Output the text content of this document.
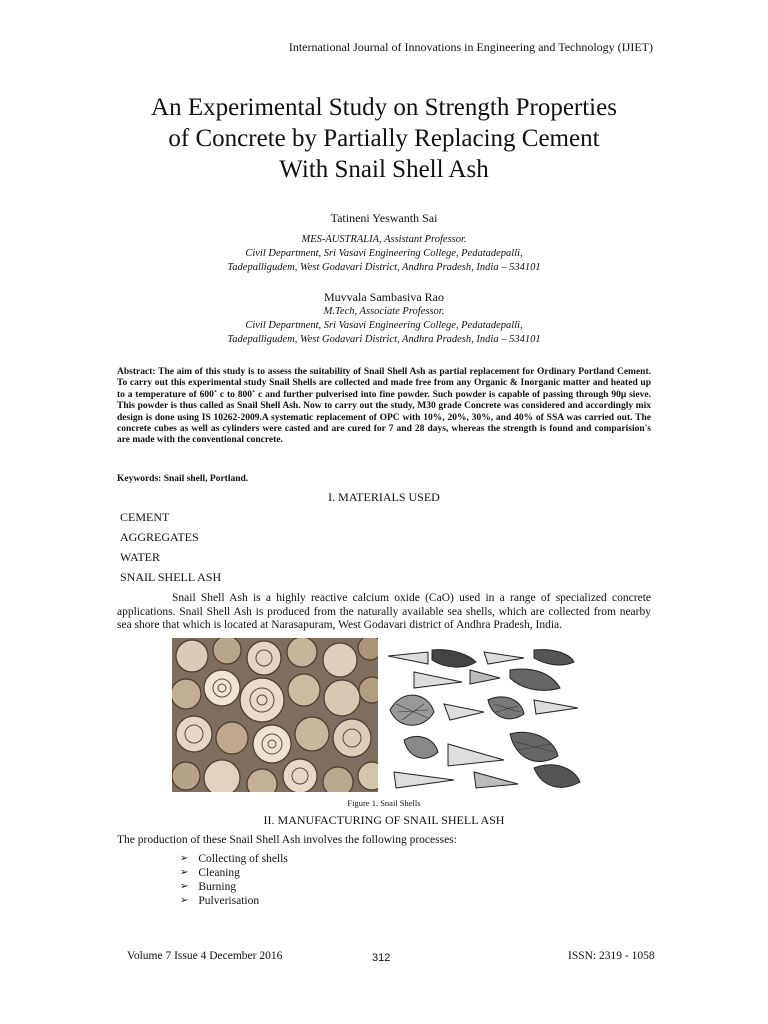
International Journal of Innovations in Engineering and Technology (IJIET)
An Experimental Study on Strength Properties
of Concrete by Partially Replacing Cement
With Snail Shell Ash
Tatineni Yeswanth Sai
MES-AUSTRALIA, Assistant Professor.
Civil Department, Sri Vasavi Engineering College, Pedatadepalli,
Tadepalligudem, West Godavari District, Andhra Pradesh, India – 534101
Muvvala Sambasiva Rao
M.Tech, Associate Professor.
Civil Department, Sri Vasavi Engineering College, Pedatadepalli,
Tadepalligudem, West Godavari District, Andhra Pradesh, India – 534101
Abstract: The aim of this study is to assess the suitability of Snail Shell Ash as partial replacement for Ordinary Portland Cement. To carry out this experimental study Snail Shells are collected and made free from any Organic & Inorganic matter and heated up to a temperature of 600˚ c to 800˚ c and further pulverised into fine powder. Such powder is capable of passing through 90μ sieve. This powder is thus called as Snail Shell Ash. Now to carry out the study, M30 grade Concrete was considered and accordingly mix design is done using IS 10262-2009.A systematic replacement of OPC with 10%, 20%, 30%, and 40% of SSA was carried out. The concrete cubes as well as cylinders were casted and are cured for 7 and 28 days, whereas the strength is found and comparision's are made with the conventional concrete.
Keywords: Snail shell, Portland.
I. MATERIALS USED
CEMENT
AGGREGATES
WATER
SNAIL SHELL ASH
Snail Shell Ash is a highly reactive calcium oxide (CaO) used in a range of specialized concrete applications. Snail Shell Ash is produced from the naturally available sea shells, which are collected from nearby sea shore that which is located at Narasapuram, West Godavari district of Andhra Pradesh, India.
Figure 1. Snail Shells
II. MANUFACTURING OF SNAIL SHELL ASH
The production of these Snail Shell Ash involves the following processes:
➢ Collecting of shells
➢ Cleaning
➢ Burning
➢ Pulverisation
Volume 7 Issue 4 December 2016	312	ISSN: 2319 - 1058
